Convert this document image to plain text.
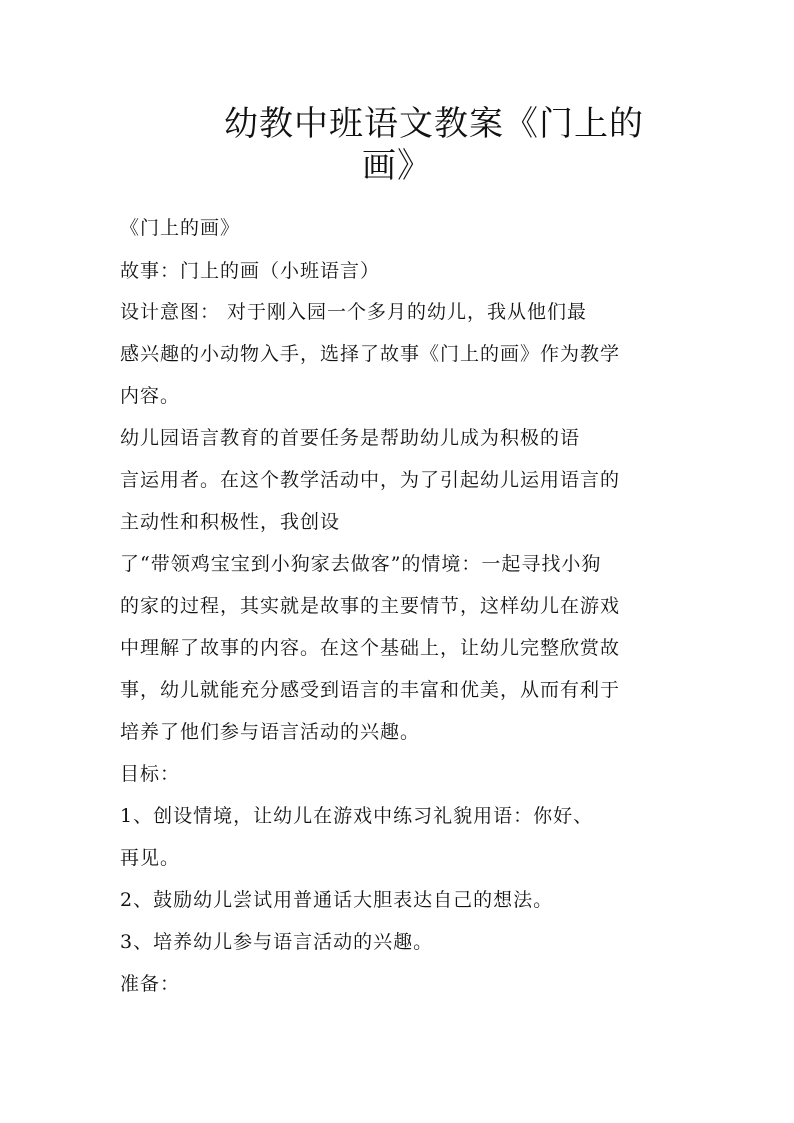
幼教中班语文教案《门上的
画》
《门上的画》
故事：门上的画（小班语言）
设计意图： 对于刚入园一个多月的幼儿，我从他们最
感兴趣的小动物入手，选择了故事《门上的画》作为教学
内容。
幼儿园语言教育的首要任务是帮助幼儿成为积极的语
言运用者。在这个教学活动中，为了引起幼儿运用语言的
主动性和积极性，我创设
了“带领鸡宝宝到小狗家去做客”的情境：一起寻找小狗
的家的过程，其实就是故事的主要情节，这样幼儿在游戏
中理解了故事的内容。在这个基础上，让幼儿完整欣赏故
事，幼儿就能充分感受到语言的丰富和优美，从而有利于
培养了他们参与语言活动的兴趣。
目标：
1、创设情境，让幼儿在游戏中练习礼貌用语：你好、
再见。
2、鼓励幼儿尝试用普通话大胆表达自己的想法。
3、培养幼儿参与语言活动的兴趣。
准备：
